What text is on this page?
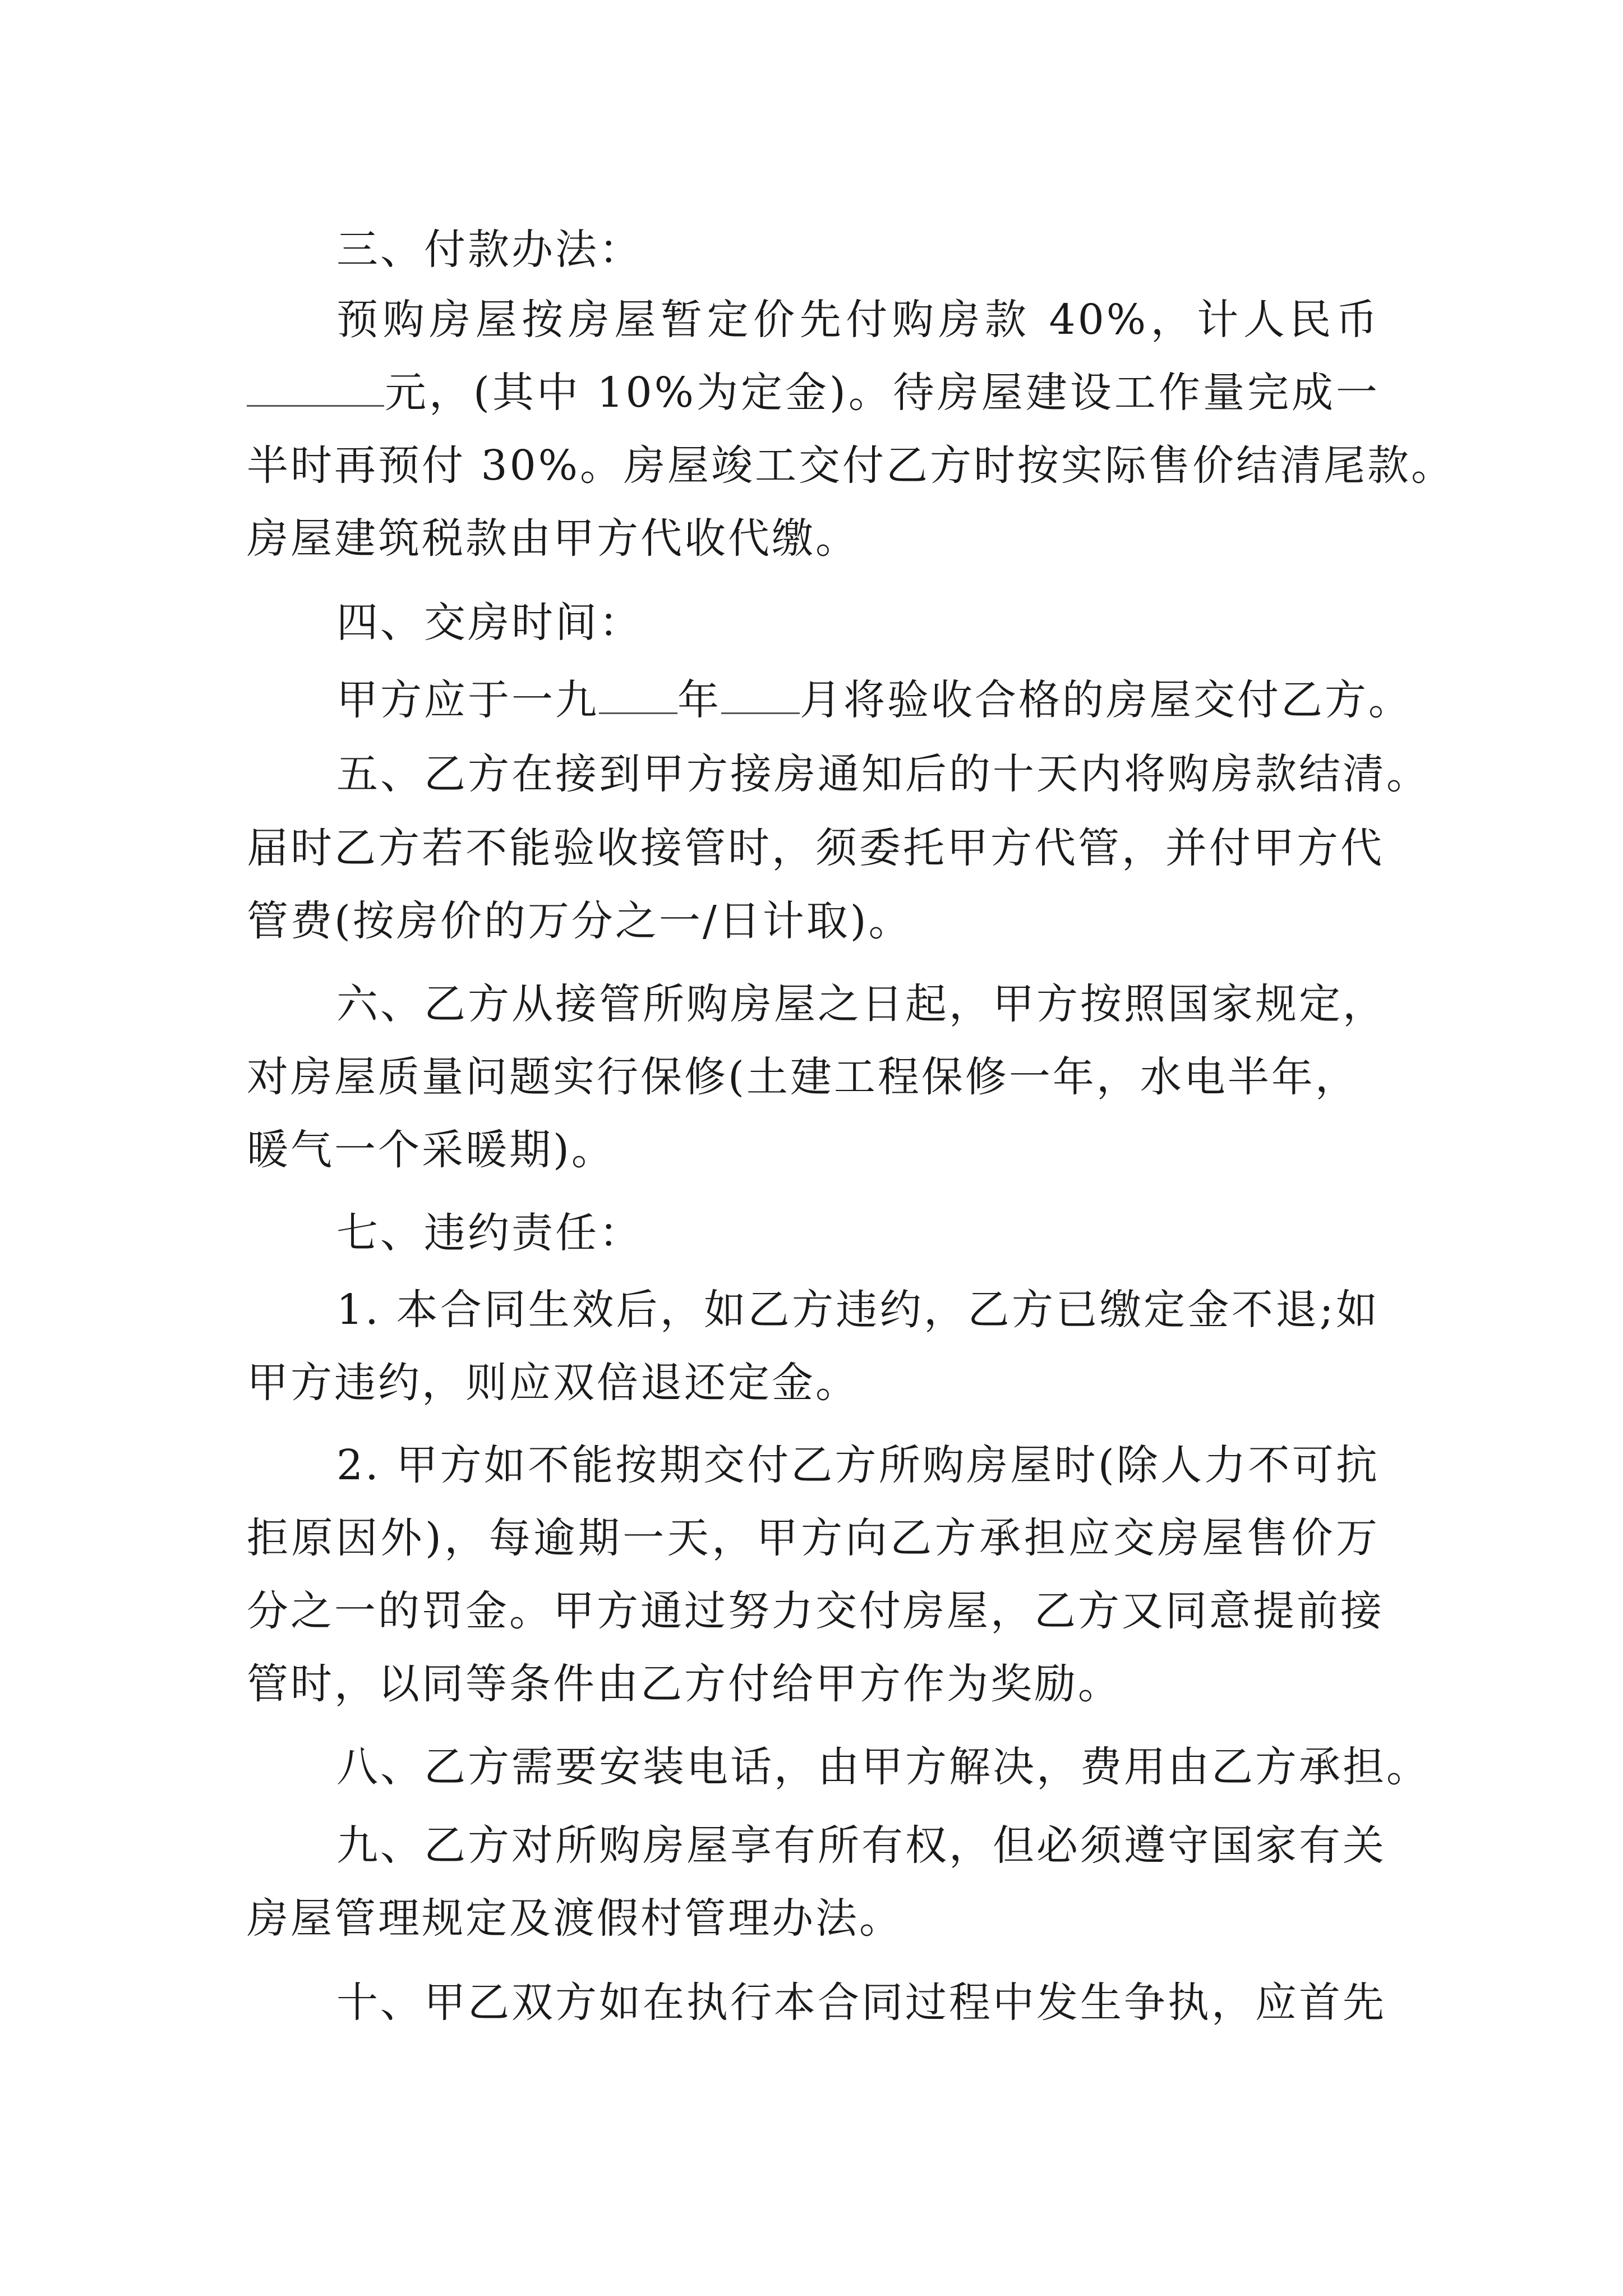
三、付款办法：
预购房屋按房屋暂定价先付购房款 40%，计人民币
元，(其中 10%为定金)。待房屋建设工作量完成一
半时再预付 30%。房屋竣工交付乙方时按实际售价结清尾款。
房屋建筑税款由甲方代收代缴。
四、交房时间：
甲方应于一九 年 月将验收合格的房屋交付乙方。
五、乙方在接到甲方接房通知后的十天内将购房款结清。
届时乙方若不能验收接管时，须委托甲方代管，并付甲方代
管费(按房价的万分之一/日计取)。
六、乙方从接管所购房屋之日起，甲方按照国家规定，
对房屋质量问题实行保修(土建工程保修一年，水电半年，
暖气一个采暖期)。
七、违约责任：
1. 本合同生效后，如乙方违约，乙方已缴定金不退;如
甲方违约，则应双倍退还定金。
2. 甲方如不能按期交付乙方所购房屋时(除人力不可抗
拒原因外)，每逾期一天，甲方向乙方承担应交房屋售价万
分之一的罚金。甲方通过努力交付房屋，乙方又同意提前接
管时，以同等条件由乙方付给甲方作为奖励。
八、乙方需要安装电话，由甲方解决，费用由乙方承担。
九、乙方对所购房屋享有所有权，但必须遵守国家有关
房屋管理规定及渡假村管理办法。
十、甲乙双方如在执行本合同过程中发生争执，应首先
